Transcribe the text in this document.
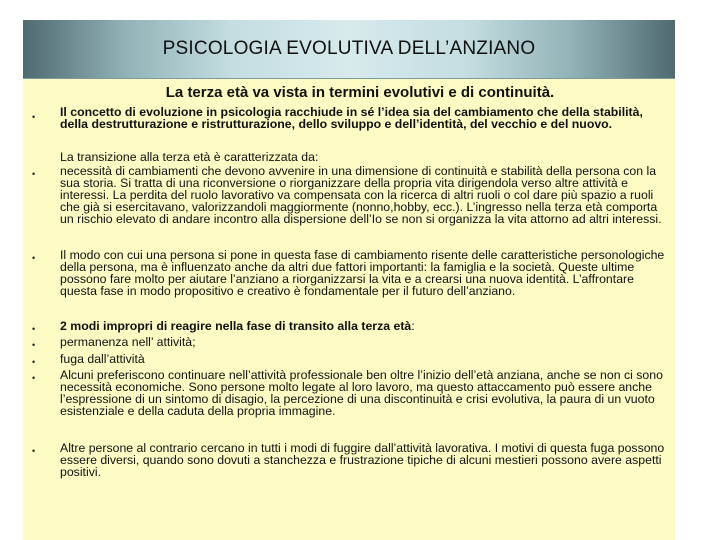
PSICOLOGIA EVOLUTIVA DELL’ANZIANO
La terza età va vista in termini evolutivi e di continuità.
•
•
•
•
•
•
•
•

Il concetto di evoluzione in psicologia racchiude in sé l’idea sia del cambiamento che della stabilità, della destrutturazione e ristrutturazione, dello sviluppo e dell’identità, del vecchio e del nuovo.

La transizione alla terza età è caratterizzata da:

necessità di cambiamenti che devono avvenire in una dimensione di continuità e stabilità della persona con la sua storia. Si tratta di una riconversione o riorganizzare della propria vita dirigendola verso altre attività e interessi. La perdita del ruolo lavorativo va compensata con la ricerca di altri ruoli o col dare più spazio a ruoli che già si esercitavano, valorizzandoli maggiormente (nonno,hobby, ecc.). L’ingresso nella terza età comporta un rischio elevato di andare incontro alla dispersione dell’Io se non si organizza la vita attorno ad altri interessi.

Il modo con cui una persona si pone in questa fase di cambiamento risente delle caratteristiche personologiche della persona, ma è influenzato anche da altri due fattori importanti: la famiglia e la società. Queste ultime possono fare molto per aiutare l’anziano a riorganizzarsi la vita e a crearsi una nuova identità. L’affrontare questa fase in modo propositivo e creativo è fondamentale per il futuro dell’anziano.

2 modi impropri di reagire nella fase di transito alla terza età:

permanenza nell’ attività;

fuga dall’attività

Alcuni preferiscono continuare nell’attività professionale ben oltre l’inizio dell’età anziana, anche se non ci sono necessità economiche. Sono persone molto legate al loro lavoro, ma questo attaccamento può essere anche l’espressione di un sintomo di disagio, la percezione di una discontinuità e crisi evolutiva, la paura di un vuoto esistenziale e della caduta della propria immagine.

Altre persone al contrario cercano in tutti i modi di fuggire dall’attività lavorativa. I motivi di questa fuga possono essere diversi, quando sono dovuti a stanchezza e frustrazione tipiche di alcuni mestieri possono avere aspetti positivi.
